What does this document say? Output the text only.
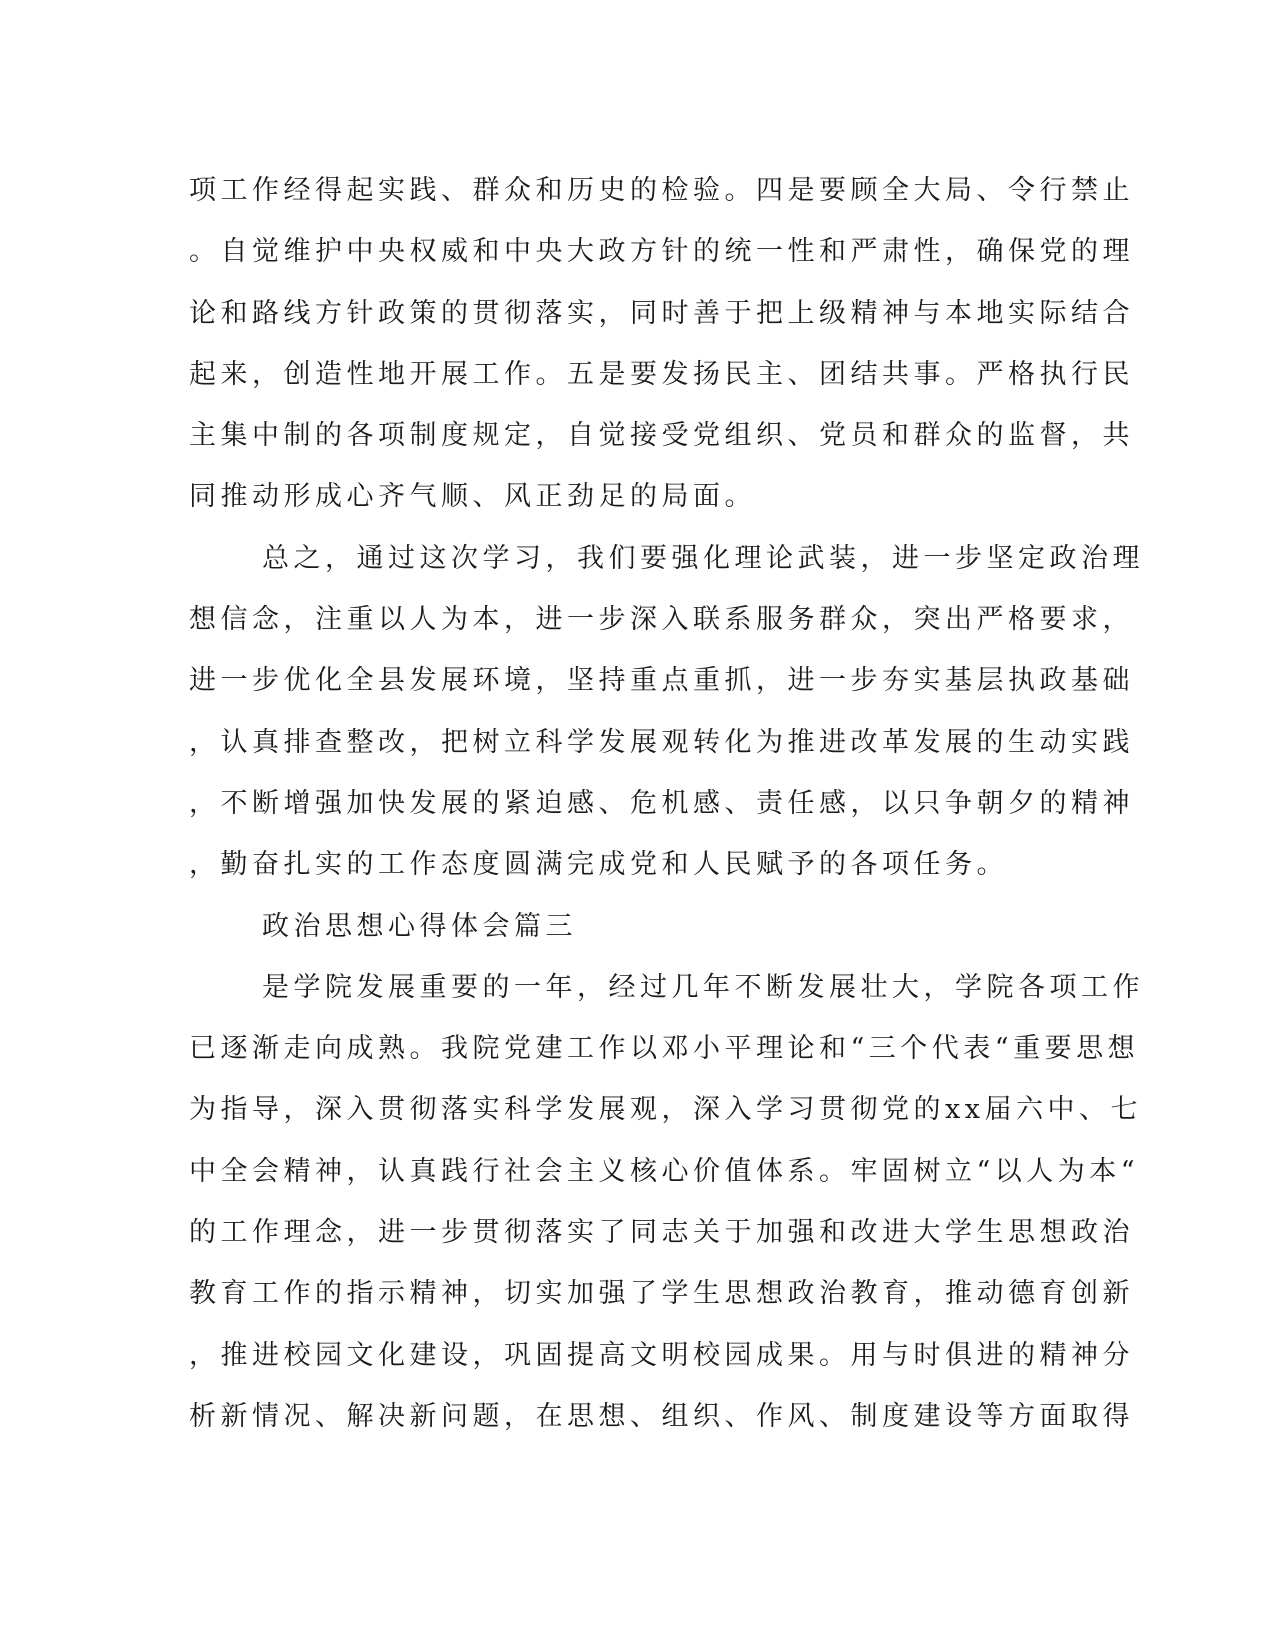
项工作经得起实践、群众和历史的检验。四是要顾全大局、令行禁止
。自觉维护中央权威和中央大政方针的统一性和严肃性，确保党的理
论和路线方针政策的贯彻落实，同时善于把上级精神与本地实际结合
起来，创造性地开展工作。五是要发扬民主、团结共事。严格执行民
主集中制的各项制度规定，自觉接受党组织、党员和群众的监督，共
同推动形成心齐气顺、风正劲足的局面。
总之，通过这次学习，我们要强化理论武装，进一步坚定政治理
想信念，注重以人为本，进一步深入联系服务群众，突出严格要求，
进一步优化全县发展环境，坚持重点重抓，进一步夯实基层执政基础
，认真排查整改，把树立科学发展观转化为推进改革发展的生动实践
，不断增强加快发展的紧迫感、危机感、责任感，以只争朝夕的精神
，勤奋扎实的工作态度圆满完成党和人民赋予的各项任务。
政治思想心得体会篇三
是学院发展重要的一年，经过几年不断发展壮大，学院各项工作
已逐渐走向成熟。我院党建工作以邓小平理论和“三个代表“重要思想
为指导，深入贯彻落实科学发展观，深入学习贯彻党的xx届六中、七
中全会精神，认真践行社会主义核心价值体系。牢固树立“以人为本“
的工作理念，进一步贯彻落实了同志关于加强和改进大学生思想政治
教育工作的指示精神，切实加强了学生思想政治教育，推动德育创新
，推进校园文化建设，巩固提高文明校园成果。用与时俱进的精神分
析新情况、解决新问题，在思想、组织、作风、制度建设等方面取得
